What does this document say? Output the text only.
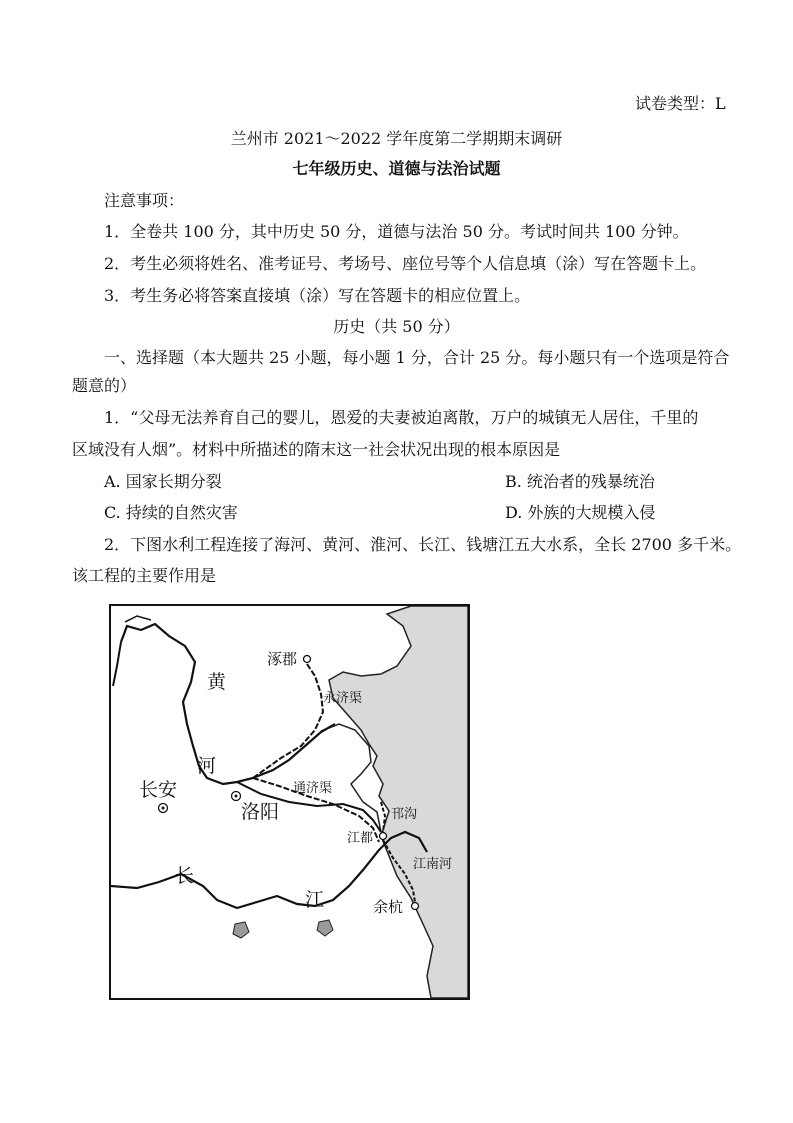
试卷类型：L
兰州市 2021～2022 学年度第二学期期末调研
七年级历史、道德与法治试题
注意事项：
1．全卷共 100 分，其中历史 50 分，道德与法治 50 分。考试时间共 100 分钟。
2．考生必须将姓名、准考证号、考场号、座位号等个人信息填（涂）写在答题卡上。
3．考生务必将答案直接填（涂）写在答题卡的相应位置上。
历史（共 50 分）
一、选择题（本大题共 25 小题，每小题 1 分，合计 25 分。每小题只有一个选项是符合
题意的）
1．“父母无法养育自己的婴儿，恩爱的夫妻被迫离散，万户的城镇无人居住，千里的
区域没有人烟”。材料中所描述的隋末这一社会状况出现的根本原因是
A. 国家长期分裂	B. 统治者的残暴统治
C. 持续的自然灾害	D. 外族的大规模入侵
2．下图水利工程连接了海河、黄河、淮河、长江、钱塘江五大水系，全长 2700 多千米。
该工程的主要作用是
涿郡
永济渠
黄
河
长安
洛阳
通济渠
邗沟
江都
江南河
长
江	余杭
